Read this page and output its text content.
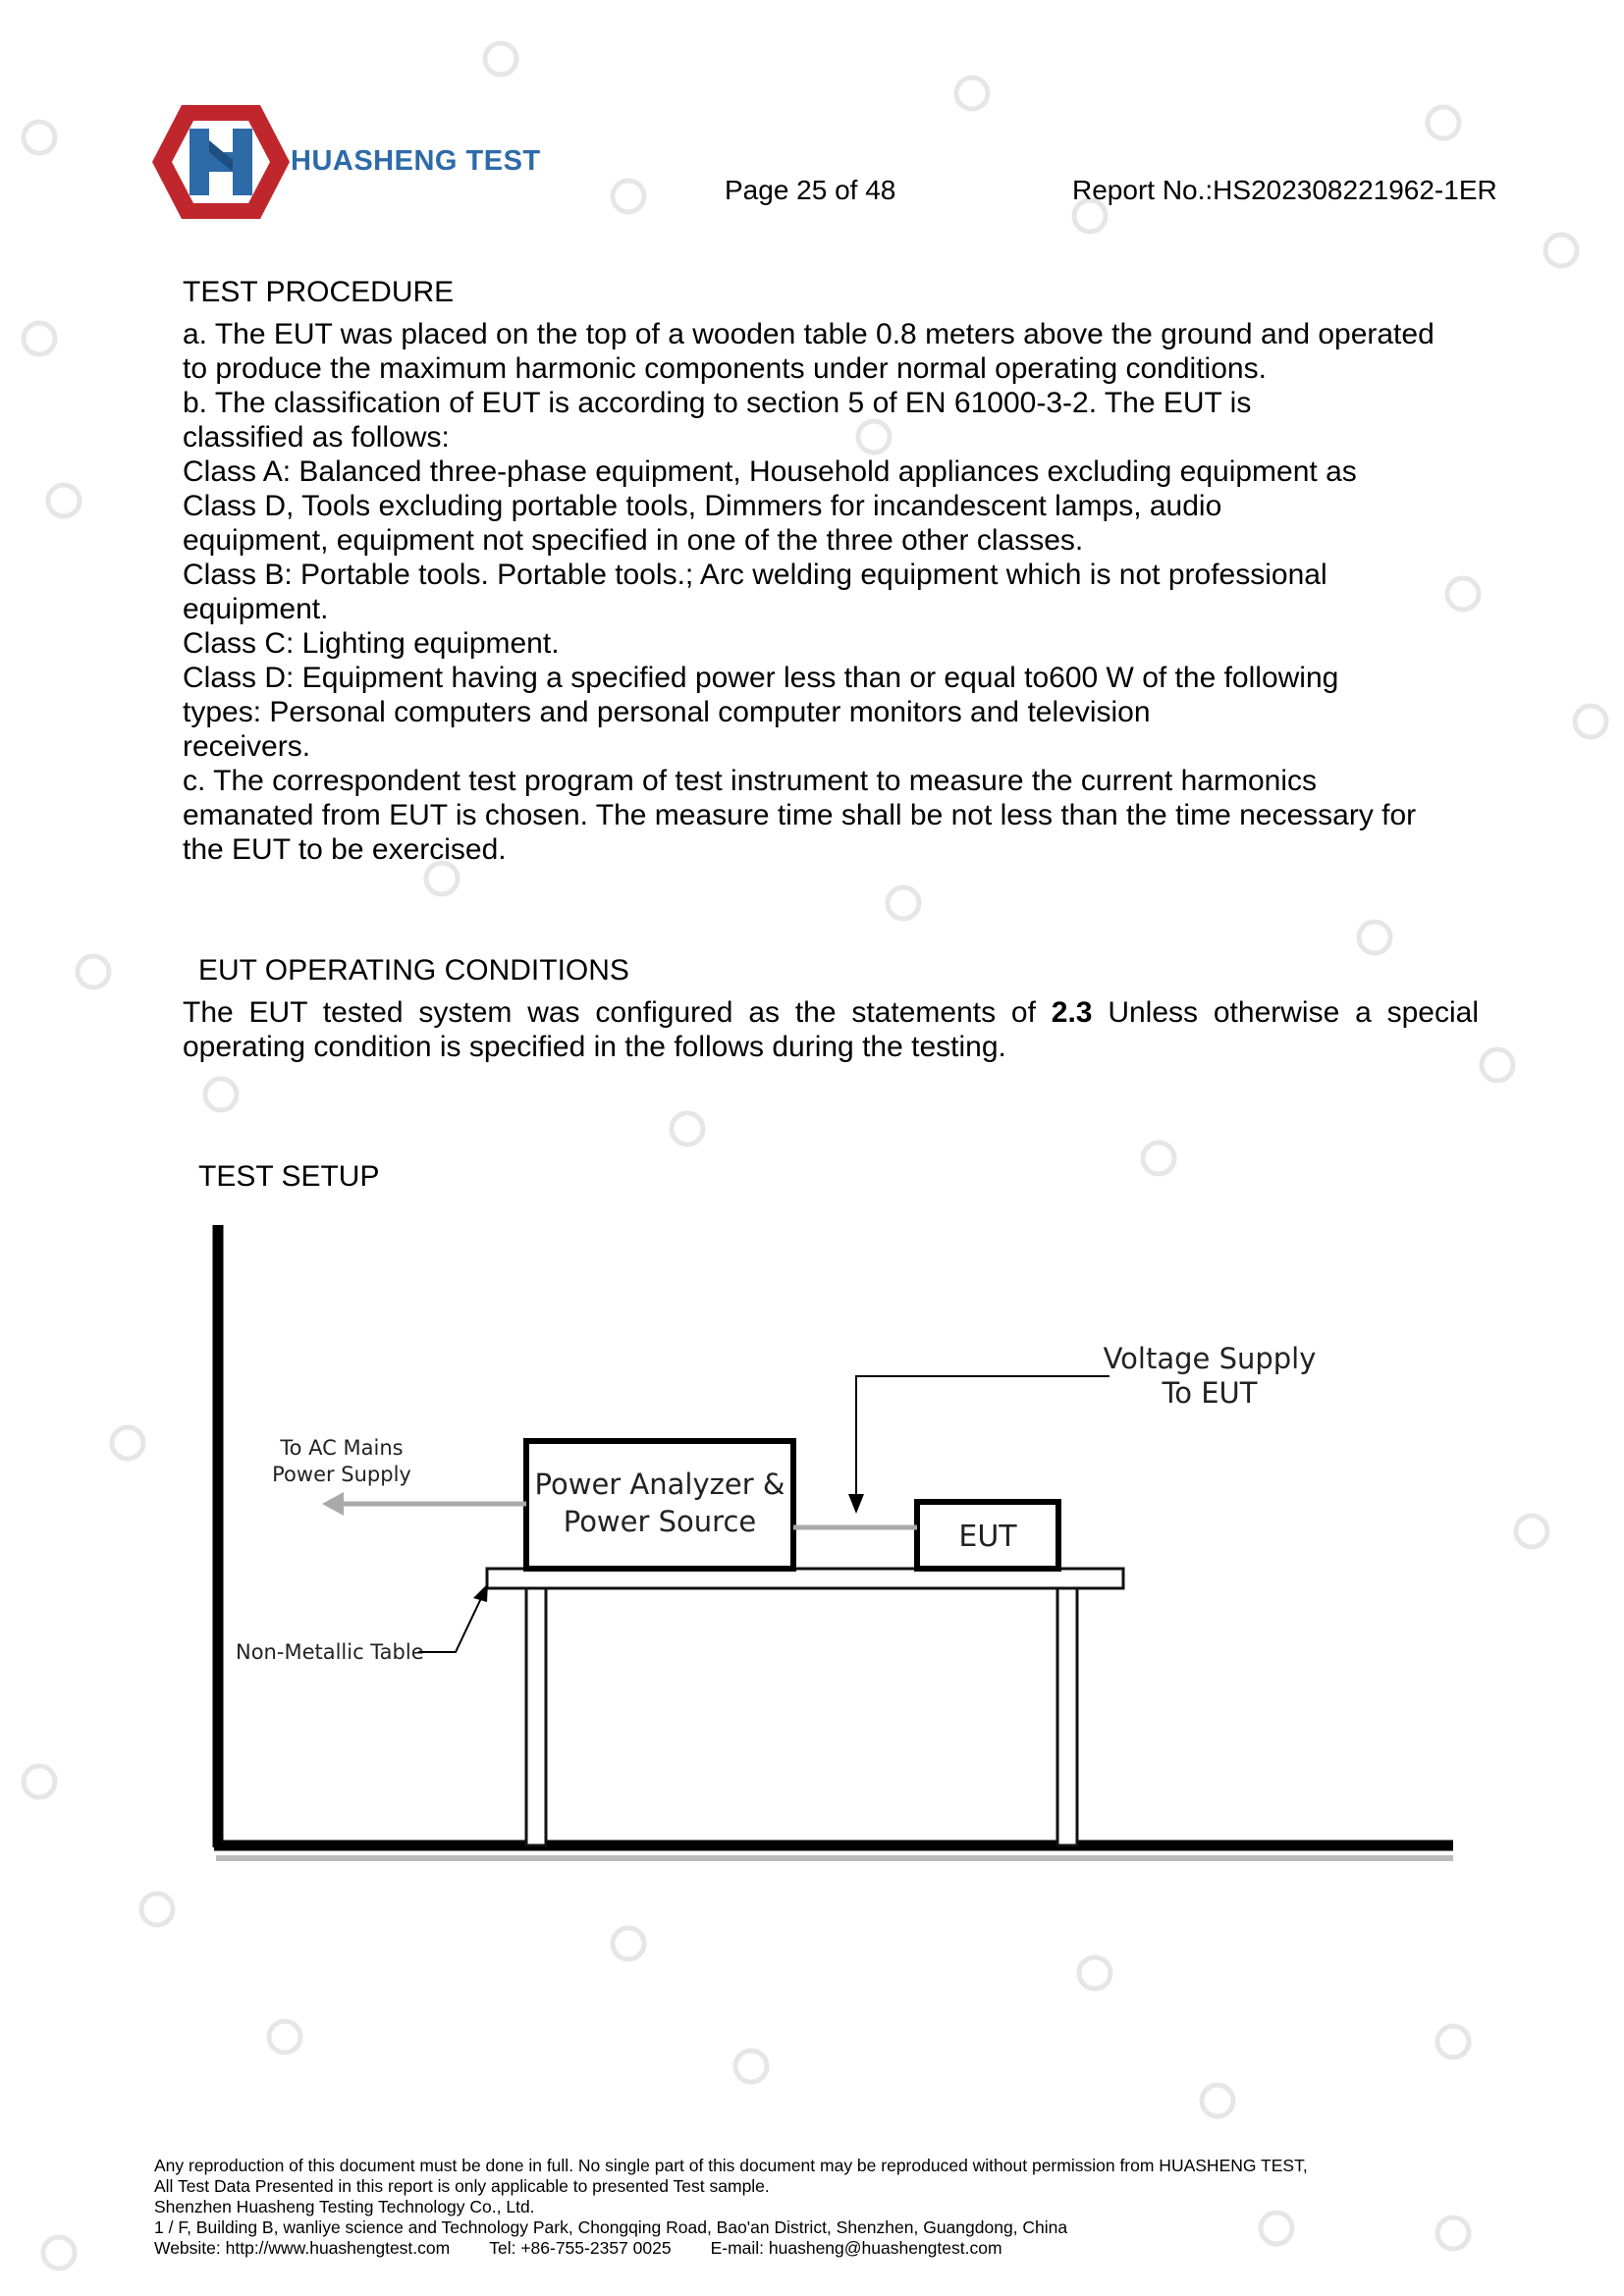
HUASHENG TEST
Page 25 of 48	Report No.:HS202308221962-1ER
TEST PROCEDURE
a. The EUT was placed on the top of a wooden table 0.8 meters above the ground and operated
to produce the maximum harmonic components under normal operating conditions.
b. The classification of EUT is according to section 5 of EN 61000-3-2. The EUT is
classified as follows:
Class A: Balanced three-phase equipment, Household appliances excluding equipment as
Class D, Tools excluding portable tools, Dimmers for incandescent lamps, audio
equipment, equipment not specified in one of the three other classes.
Class B: Portable tools. Portable tools.; Arc welding equipment which is not professional
equipment.
Class C: Lighting equipment.
Class D: Equipment having a specified power less than or equal to600 W of the following
types: Personal computers and personal computer monitors and television
receivers.
c. The correspondent test program of test instrument to measure the current harmonics
emanated from EUT is chosen. The measure time shall be not less than the time necessary for
the EUT to be exercised.
EUT OPERATING CONDITIONS
The EUT tested system was configured as the statements of 2.3 Unless otherwise a special operating condition is specified in the follows during the testing.
TEST SETUP
Power Analyzer &
Power Source	EUT
Voltage Supply
To EUT
To AC Mains
Power Supply
Non-Metallic Table
Any reproduction of this document must be done in full. No single part of this document may be reproduced without permission from HUASHENG TEST,
All Test Data Presented in this report is only applicable to presented Test sample.
Shenzhen Huasheng Testing Technology Co., Ltd.
1 / F, Building B, wanliye science and Technology Park, Chongqing Road, Bao'an District, Shenzhen, Guangdong, China
Website: http://www.huashengtest.com Tel: +86-755-2357 0025 E-mail: huasheng@huashengtest.com
